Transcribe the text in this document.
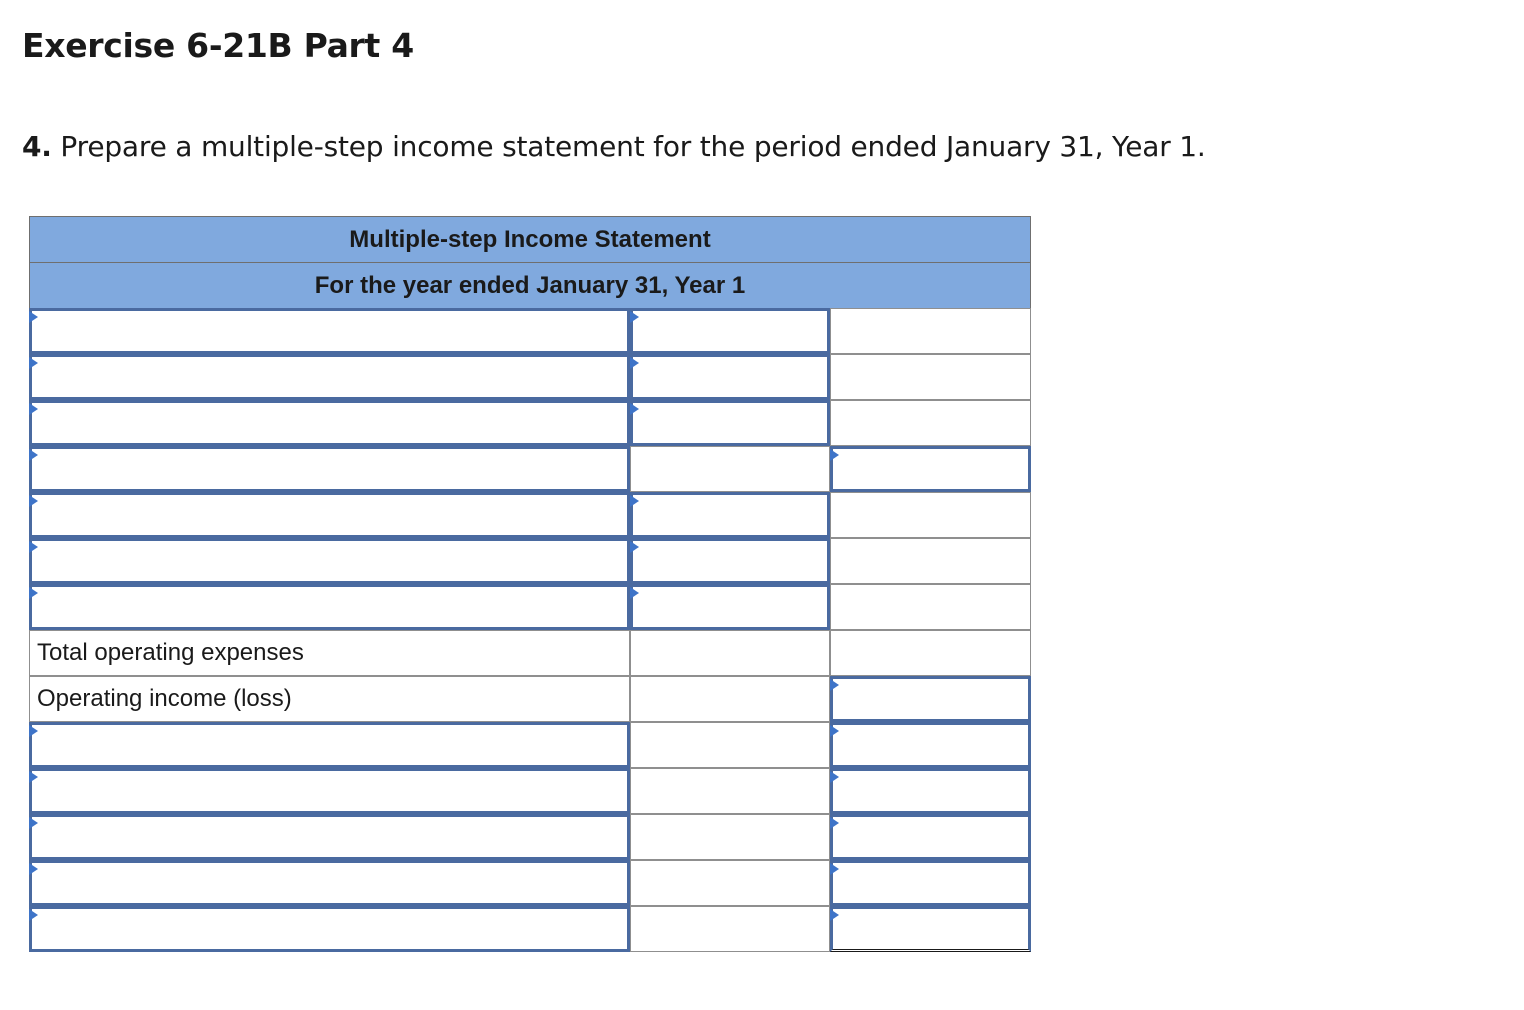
Exercise 6-21B Part 4
4. Prepare a multiple-step income statement for the period ended January 31, Year 1.
Multiple-step Income Statement
For the year ended January 31, Year 1
Total operating expenses
Operating income (loss)
